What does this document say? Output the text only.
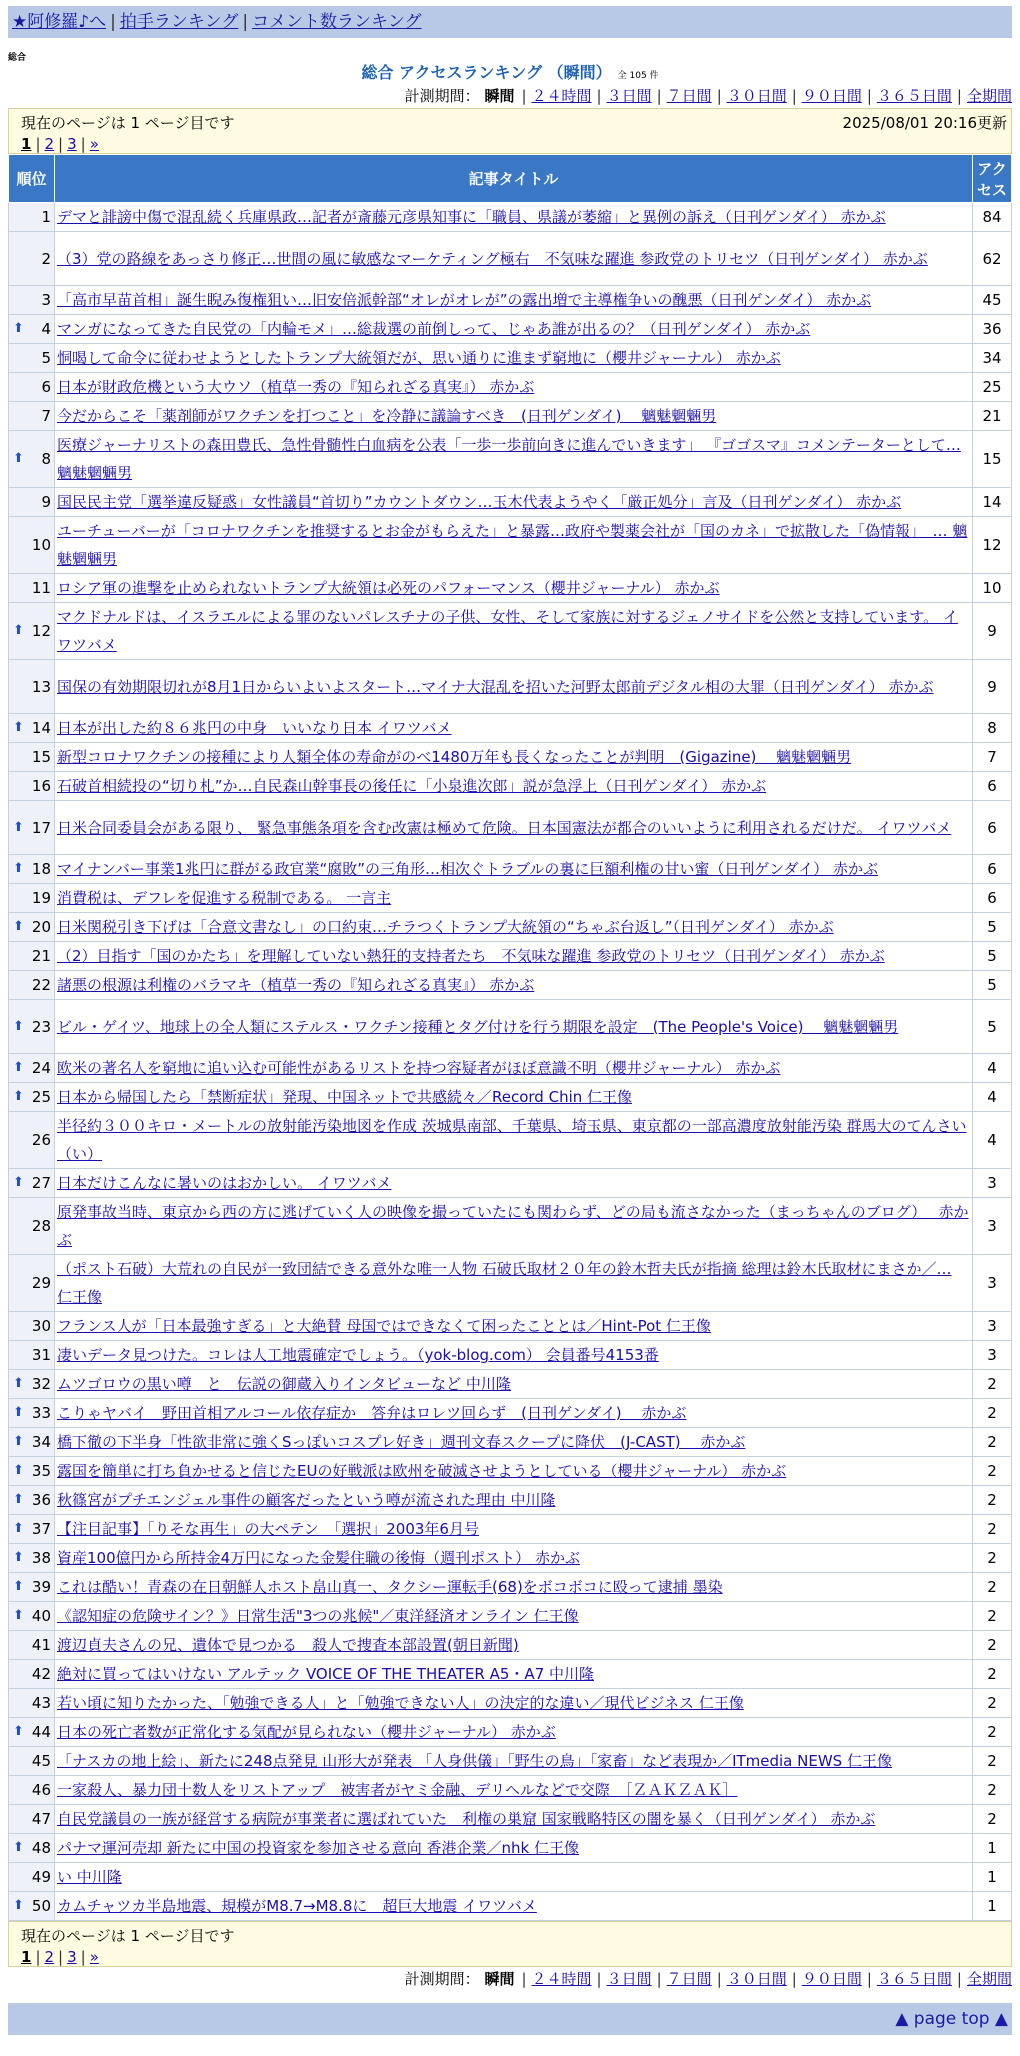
★阿修羅♪へ | 拍手ランキング | コメント数ランキング
総合
総合 アクセスランキング （瞬間） 全 105 件
計測期間： 瞬間 | ２４時間 | ３日間 | ７日間 | ３０日間 | ９０日間 | ３６５日間 | 全期間
現在のページは 1 ページ目です	2025/08/01 20:16更新
1 | 2 | 3 | »
順位	記事タイトル	アクセス
1	デマと誹謗中傷で混乱続く兵庫県政…記者が斎藤元彦県知事に「職員、県議が萎縮」と異例の訴え（日刊ゲンダイ） 赤かぶ	84
2	（3）党の路線をあっさり修正…世間の風に敏感なマーケティング極右　不気味な躍進 参政党のトリセツ（日刊ゲンダイ） 赤かぶ	62
3	「高市早苗首相」誕生睨み復権狙い…旧安倍派幹部“オレがオレが”の露出増で主導権争いの醜悪（日刊ゲンダイ） 赤かぶ	45

⬆ 4	マンガになってきた自民党の「内輪モメ」…総裁選の前倒しって、じゃあ誰が出るの？（日刊ゲンダイ） 赤かぶ	36
5	恫喝して命令に従わせようとしたトランプ大統領だが、思い通りに進まず窮地に（櫻井ジャーナル） 赤かぶ	34
6	日本が財政危機という大ウソ（植草一秀の『知られざる真実』） 赤かぶ	25
7	今だからこそ「薬剤師がワクチンを打つこと」を冷静に議論すべき　(日刊ゲンダイ)　 魑魅魍魎男	21

⬆ 8	医療ジャーナリストの森田豊氏、急性骨髄性白血病を公表「一歩一歩前向きに進んでいきます」 『ゴゴスマ』コメンテーターとして… 魑魅魍魎男	15
9	国民民主党「選挙違反疑惑」女性議員“首切り”カウントダウン…玉木代表ようやく「厳正処分」言及（日刊ゲンダイ） 赤かぶ	14
10	ユーチューバーが「コロナワクチンを推奨するとお金がもらえた」と暴露…政府や製薬会社が「国のカネ」で拡散した「偽情報」　… 魑魅魍魎男	12
11	ロシア軍の進撃を止められないトランプ大統領は必死のパフォーマンス（櫻井ジャーナル） 赤かぶ	10

⬆ 12	マクドナルドは、イスラエルによる罪のないパレスチナの子供、女性、そして家族に対するジェノサイドを公然と支持しています。 イワツバメ	9
13	国保の有効期限切れが8月1日からいよいよスタート…マイナ大混乱を招いた河野太郎前デジタル相の大罪（日刊ゲンダイ） 赤かぶ	9

⬆ 14	日本が出した約８６兆円の中身　いいなり日本 イワツバメ	8
15	新型コロナワクチンの接種により人類全体の寿命がのべ1480万年も長くなったことが判明　(Gigazine)　 魑魅魍魎男	7
16	石破首相続投の“切り札”か…自民森山幹事長の後任に「小泉進次郎」説が急浮上（日刊ゲンダイ） 赤かぶ	6

⬆ 17	日米合同委員会がある限り、 緊急事態条項を含む改憲は極めて危険。日本国憲法が都合のいいように利用されるだけだ。 イワツバメ	6

⬆ 18	マイナンバー事業1兆円に群がる政官業“腐敗”の三角形…相次ぐトラブルの裏に巨額利権の甘い蜜（日刊ゲンダイ） 赤かぶ	6
19	消費税は、デフレを促進する税制である。 一言主	6

⬆ 20	日米関税引き下げは「合意文書なし」の口約束…チラつくトランプ大統領の“ちゃぶ台返し”（日刊ゲンダイ） 赤かぶ	5
21	（2）目指す「国のかたち」を理解していない熱狂的支持者たち　不気味な躍進 参政党のトリセツ（日刊ゲンダイ） 赤かぶ	5
22	諸悪の根源は利権のバラマキ（植草一秀の『知られざる真実』） 赤かぶ	5

⬆ 23	ビル・ゲイツ、地球上の全人類にステルス・ワクチン接種とタグ付けを行う期限を設定　(The People's Voice)　 魑魅魍魎男	5

⬆ 24	欧米の著名人を窮地に追い込む可能性があるリストを持つ容疑者がほぼ意識不明（櫻井ジャーナル） 赤かぶ	4

⬆ 25	日本から帰国したら「禁断症状」発現、中国ネットで共感続々／Record Chin 仁王像	4
26	半径約３００キロ・メートルの放射能汚染地図を作成 茨城県南部、千葉県、埼玉県、東京都の一部高濃度放射能汚染 群馬大のてんさい（い）	4

⬆ 27	日本だけこんなに暑いのはおかしい。 イワツバメ	3
28	原発事故当時、東京から西の方に逃げていく人の映像を撮っていたにも関わらず、どの局も流さなかった（まっちゃんのブログ）　 赤かぶ	3
29	（ポスト石破）大荒れの自民が一致団結できる意外な唯一人物 石破氏取材２０年の鈴木哲夫氏が指摘 総理は鈴木氏取材にまさか／… 仁王像	3
30	フランス人が「日本最強すぎる」と大絶賛 母国ではできなくて困ったこととは／Hint-Pot 仁王像	3
31	凄いデータ見つけた。コレは人工地震確定でしょう。（yok-blog.com） 会員番号4153番	3

⬆ 32	ムツゴロウの黒い噂　と　伝説の御蔵入りインタビューなど 中川隆	2

⬆ 33	こりゃヤバイ　野田首相アルコール依存症か　答弁はロレツ回らず　(日刊ゲンダイ)　 赤かぶ	2

⬆ 34	橋下徹の下半身「性欲非常に強くSっぽいコスプレ好き」週刊文春スクープに降伏　(J-CAST)　 赤かぶ	2

⬆ 35	露国を簡単に打ち負かせると信じたEUの好戦派は欧州を破滅させようとしている（櫻井ジャーナル） 赤かぶ	2

⬆ 36	秋篠宮がプチエンジェル事件の顧客だったという噂が流された理由 中川隆	2

⬆ 37	【注目記事】「りそな再生」の大ペテン　「選択」2003年6月号	2

⬆ 38	資産100億円から所持金4万円になった金髪住職の後悔（週刊ポスト） 赤かぶ	2

⬆ 39	これは酷い！青森の在日朝鮮人ホスト畠山真一、タクシー運転手(68)をボコボコに殴って逮捕 墨染	2

⬆ 40	《認知症の危険サイン？》日常生活"3つの兆候"／東洋経済オンライン 仁王像	2
41	渡辺貞夫さんの兄、遺体で見つかる　殺人で捜査本部設置(朝日新聞)	2
42	絶対に買ってはいけない アルテック VOICE OF THE THEATER A5・A7 中川隆	2
43	若い頃に知りたかった、「勉強できる人」と「勉強できない人」の決定的な違い／現代ビジネス 仁王像	2

⬆ 44	日本の死亡者数が正常化する気配が見られない（櫻井ジャーナル） 赤かぶ	2
45	「ナスカの地上絵」、新たに248点発見 山形大が発表 「人身供儀」「野生の鳥」「家畜」など表現か／ITmedia NEWS 仁王像	2
46	一家殺人、暴力団十数人をリストアップ　被害者がヤミ金融、デリヘルなどで交際　［ＺＡＫＺＡＫ］	2
47	自民党議員の一族が経営する病院が事業者に選ばれていた　利権の巣窟 国家戦略特区の闇を暴く（日刊ゲンダイ） 赤かぶ	2

⬆ 48	パナマ運河売却 新たに中国の投資家を参加させる意向 香港企業／nhk 仁王像	1
49	い 中川隆	1

⬆ 50	カムチャツカ半島地震、規模がM8.7→M8.8に　超巨大地震 イワツバメ	1
現在のページは 1 ページ目です
1 | 2 | 3 | »
計測期間： 瞬間 | ２４時間 | ３日間 | ７日間 | ３０日間 | ９０日間 | ３６５日間 | 全期間
▲ page top ▲
